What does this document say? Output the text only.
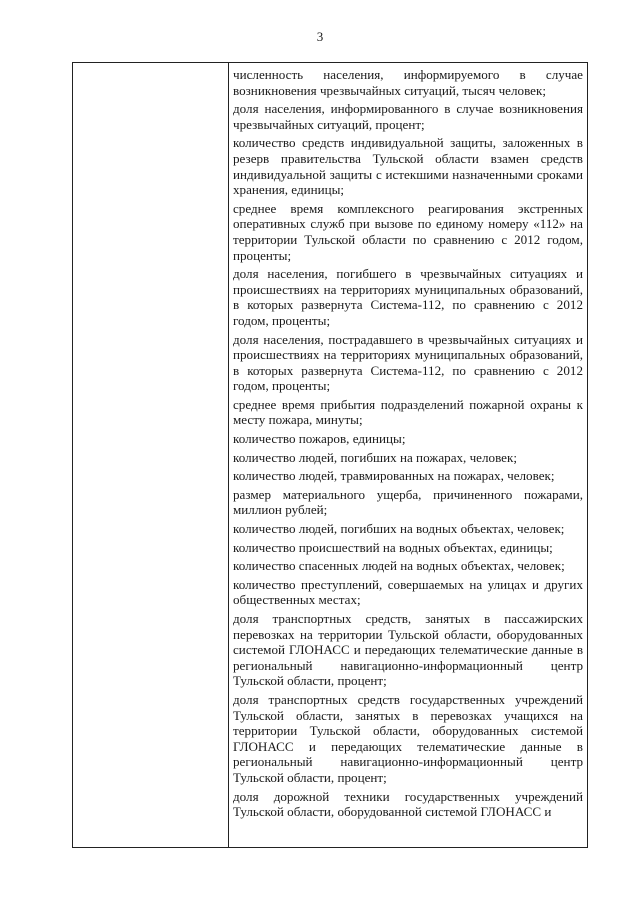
3

численность населения, информируемого в случае возникновения чрезвычайных ситуаций, тысяч человек;

доля населения, информированного в случае возникновения чрезвычайных ситуаций, процент;

количество средств индивидуальной защиты, заложенных в резерв правительства Тульской области взамен средств индивидуальной защиты с истекшими назначенными сроками хранения, единицы;

среднее время комплексного реагирования экстренных оперативных служб при вызове по единому номеру «112» на территории Тульской области по сравнению с 2012 годом, проценты;

доля населения, погибшего в чрезвычайных ситуациях и происшествиях на территориях муниципальных образований, в которых развернута Система-112, по сравнению с 2012 годом, проценты;

доля населения, пострадавшего в чрезвычайных ситуациях и происшествиях на территориях муниципальных образований, в которых развернута Система-112, по сравнению с 2012 годом, проценты;

среднее время прибытия подразделений пожарной охраны к месту пожара, минуты;

количество пожаров, единицы;

количество людей, погибших на пожарах, человек;

количество людей, травмированных на пожарах, человек;

размер материального ущерба, причиненного пожарами, миллион рублей;

количество людей, погибших на водных объектах, человек;

количество происшествий на водных объектах, единицы;

количество спасенных людей на водных объектах, человек;

количество преступлений, совершаемых на улицах и других общественных местах;

доля транспортных средств, занятых в пассажирских перевозках на территории Тульской области, оборудованных системой ГЛОНАСС и передающих телематические данные в региональный навигационно-информационный центр Тульской области, процент;

доля транспортных средств государственных учреждений Тульской области, занятых в перевозках учащихся на территории Тульской области, оборудованных системой ГЛОНАСС и передающих телематические данные в региональный навигационно-информационный центр Тульской области, процент;

доля дорожной техники государственных учреждений Тульской области, оборудованной системой ГЛОНАСС и
